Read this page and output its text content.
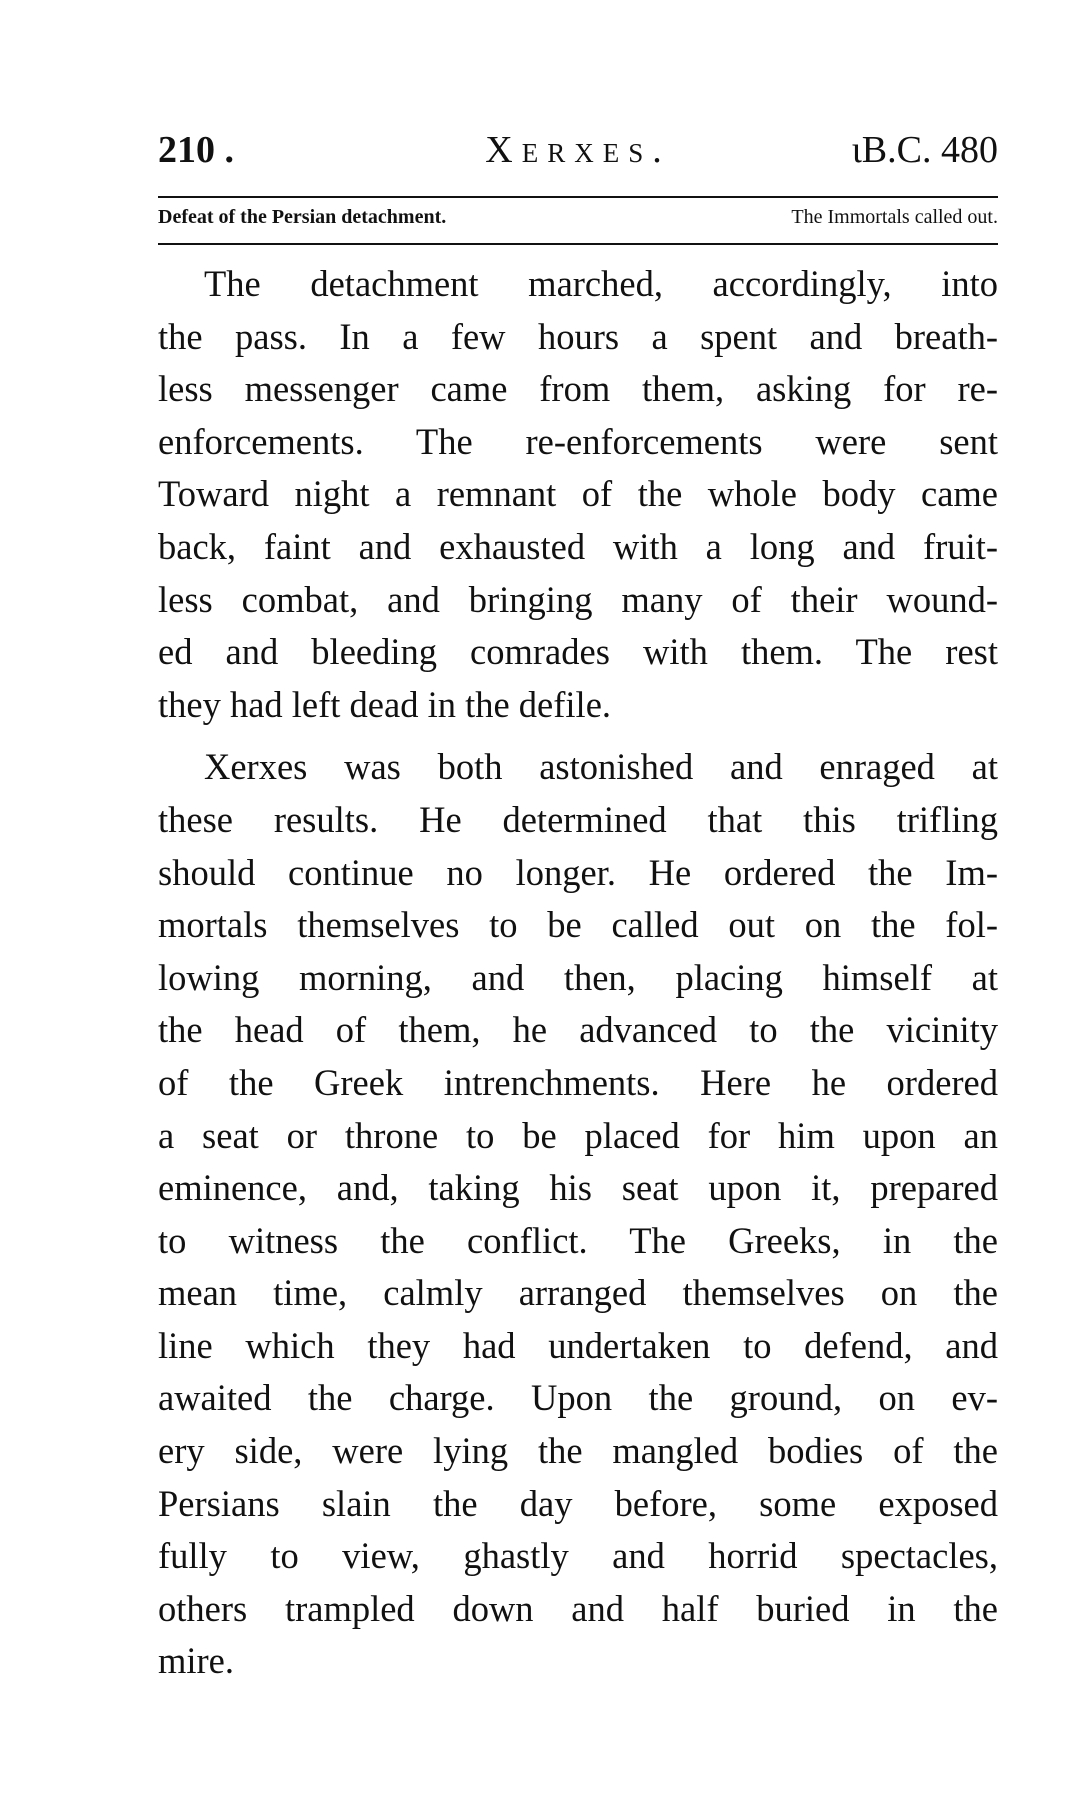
210 .	Xerxes.	ιB.C. 480
Defeat of the Persian detachment.	The Immortals called out.
The detachment marched, accordingly, into
the pass. In a few hours a spent and breath-
less messenger came from them, asking for re-
enforcements. The re-enforcements were sent
Toward night a remnant of the whole body came
back, faint and exhausted with a long and fruit-
less combat, and bringing many of their wound-
ed and bleeding comrades with them. The rest
they had left dead in the defile.
Xerxes was both astonished and enraged at
these results. He determined that this trifling
should continue no longer. He ordered the Im-
mortals themselves to be called out on the fol-
lowing morning, and then, placing himself at
the head of them, he advanced to the vicinity
of the Greek intrenchments. Here he ordered
a seat or throne to be placed for him upon an
eminence, and, taking his seat upon it, prepared
to witness the conflict. The Greeks, in the
mean time, calmly arranged themselves on the
line which they had undertaken to defend, and
awaited the charge. Upon the ground, on ev-
ery side, were lying the mangled bodies of the
Persians slain the day before, some exposed
fully to view, ghastly and horrid spectacles,
others trampled down and half buried in the
mire.
